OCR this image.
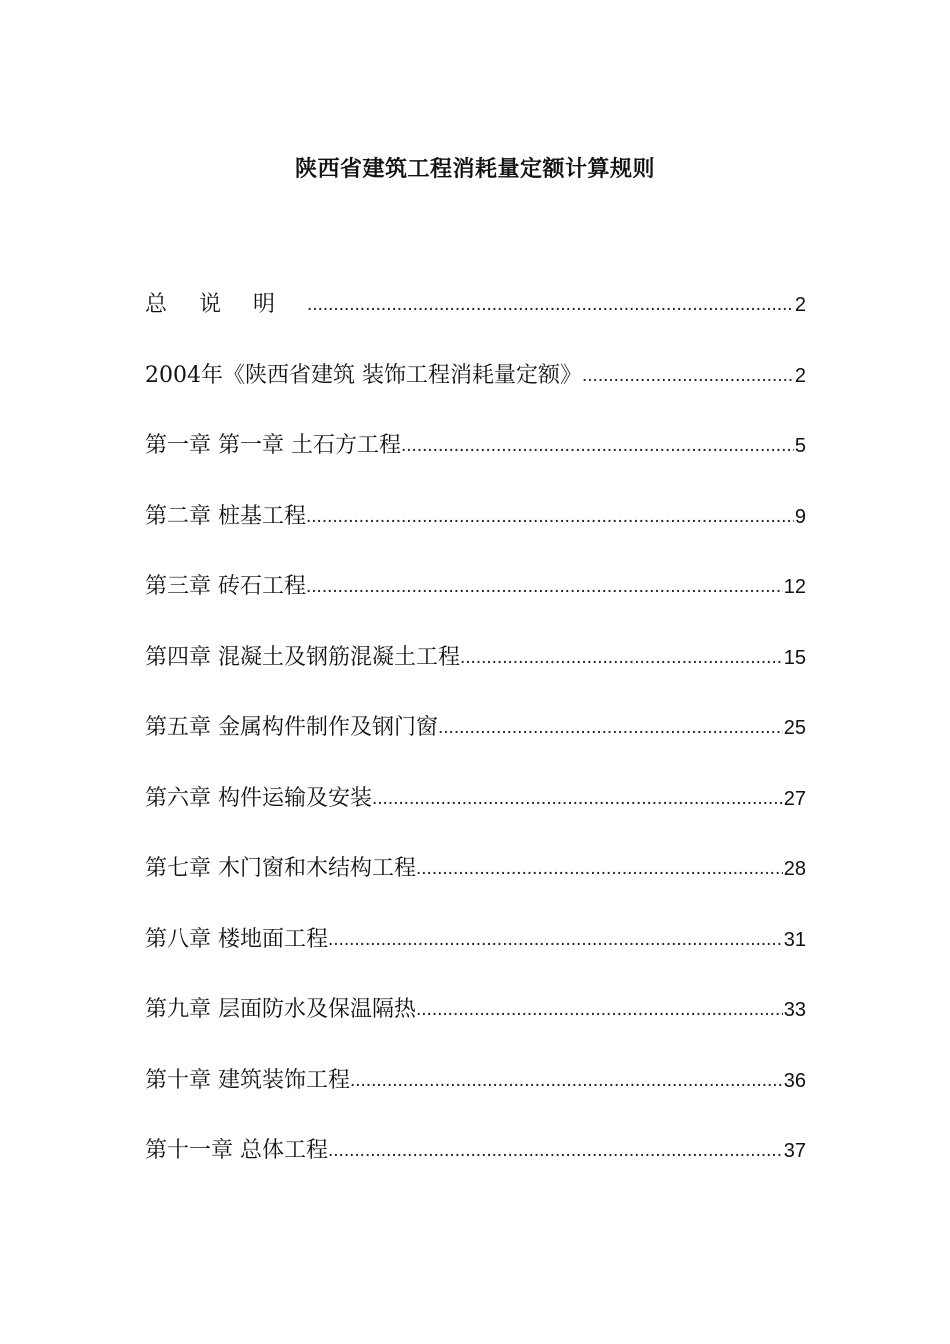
陕西省建筑工程消耗量定额计算规则
总说明 .....	2
2004年《陕西省建筑 装饰工程消耗量定额》 .....	2
第一章 第一章 土石方工程 .....	5
第二章 桩基工程 .....	9
第三章 砖石工程 .....	12
第四章 混凝土及钢筋混凝土工程 .....	15
第五章 金属构件制作及钢门窗 .....	25
第六章 构件运输及安装 .....	27
第七章 木门窗和木结构工程 .....	28
第八章 楼地面工程 .....	31
第九章 层面防水及保温隔热 .....	33
第十章 建筑装饰工程 .....	36
第十一章 总体工程 .....	37
